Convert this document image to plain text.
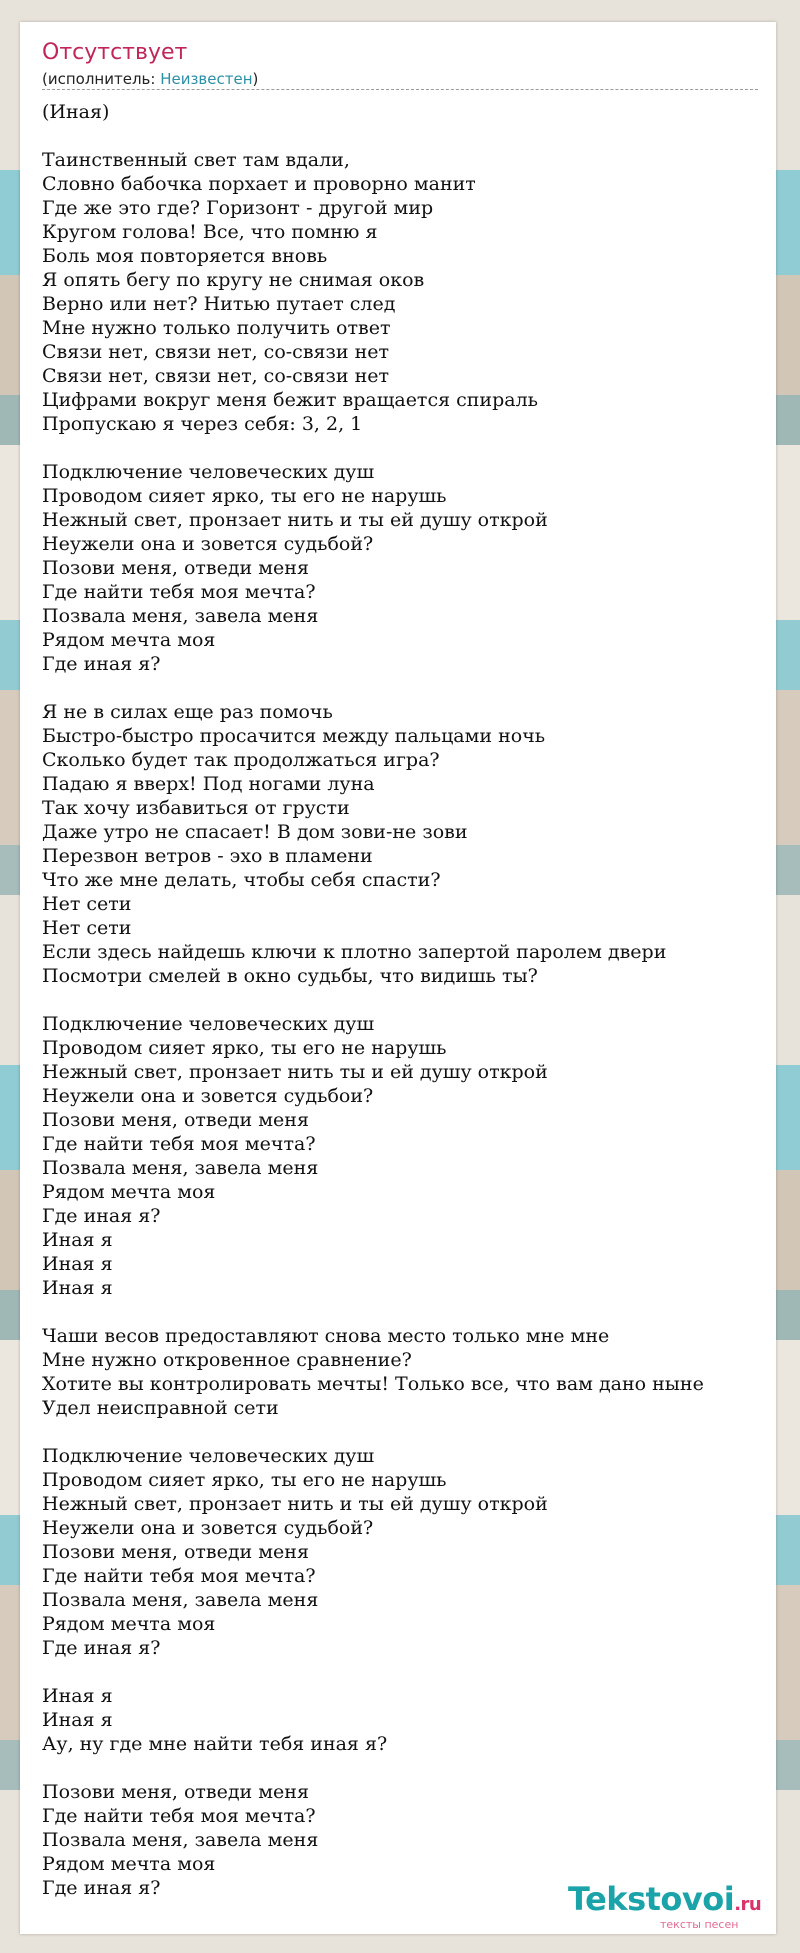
Отсутствует
(исполнитель: Неизвестен)
(Иная)
Таинственный свет там вдали,
Словно бабочка порхает и проворно манит
Где же это где? Горизонт - другой мир
Кругом голова! Все, что помню я
Боль моя повторяется вновь
Я опять бегу по кругу не снимая оков
Верно или нет? Нитью путает след
Мне нужно только получить ответ
Связи нет, связи нет, со-связи нет
Связи нет, связи нет, со-связи нет
Цифрами вокруг меня бежит вращается спираль
Пропускаю я через себя: 3, 2, 1
Подключение человеческих душ
Проводом сияет ярко, ты его не нарушь
Нежный свет, пронзает нить и ты ей душу открой
Неужели она и зовется судьбой?
Позови меня, отведи меня
Где найти тебя моя мечта?
Позвала меня, завела меня
Рядом мечта моя
Где иная я?
Я не в силах еще раз помочь
Быстро-быстро просачится между пальцами ночь
Сколько будет так продолжаться игра?
Падаю я вверх! Под ногами луна
Так хочу избавиться от грусти
Даже утро не спасает! В дом зови-не зови
Перезвон ветров - эхо в пламени
Что же мне делать, чтобы себя спасти?
Нет сети
Нет сети
Если здесь найдешь ключи к плотно запертой паролем двери
Посмотри смелей в окно судьбы, что видишь ты?
Подключение человеческих душ
Проводом сияет ярко, ты его не нарушь
Нежный свет, пронзает нить ты и ей душу открой
Неужели она и зовется судьбои?
Позови меня, отведи меня
Где найти тебя моя мечта?
Позвала меня, завела меня
Рядом мечта моя
Где иная я?
Иная я
Иная я
Иная я
Чаши весов предоставляют снова место только мне мне
Мне нужно откровенное сравнение?
Хотите вы контролировать мечты! Только все, что вам дано ныне
Удел неисправной сети
Подключение человеческих душ
Проводом сияет ярко, ты его не нарушь
Нежный свет, пронзает нить и ты ей душу открой
Неужели она и зовется судьбой?
Позови меня, отведи меня
Где найти тебя моя мечта?
Позвала меня, завела меня
Рядом мечта моя
Где иная я?
Иная я
Иная я
Ау, ну где мне найти тебя иная я?
Позови меня, отведи меня
Где найти тебя моя мечта?
Позвала меня, завела меня
Рядом мечта моя
Где иная я?	Tekstovoi.ru
тексты песен
